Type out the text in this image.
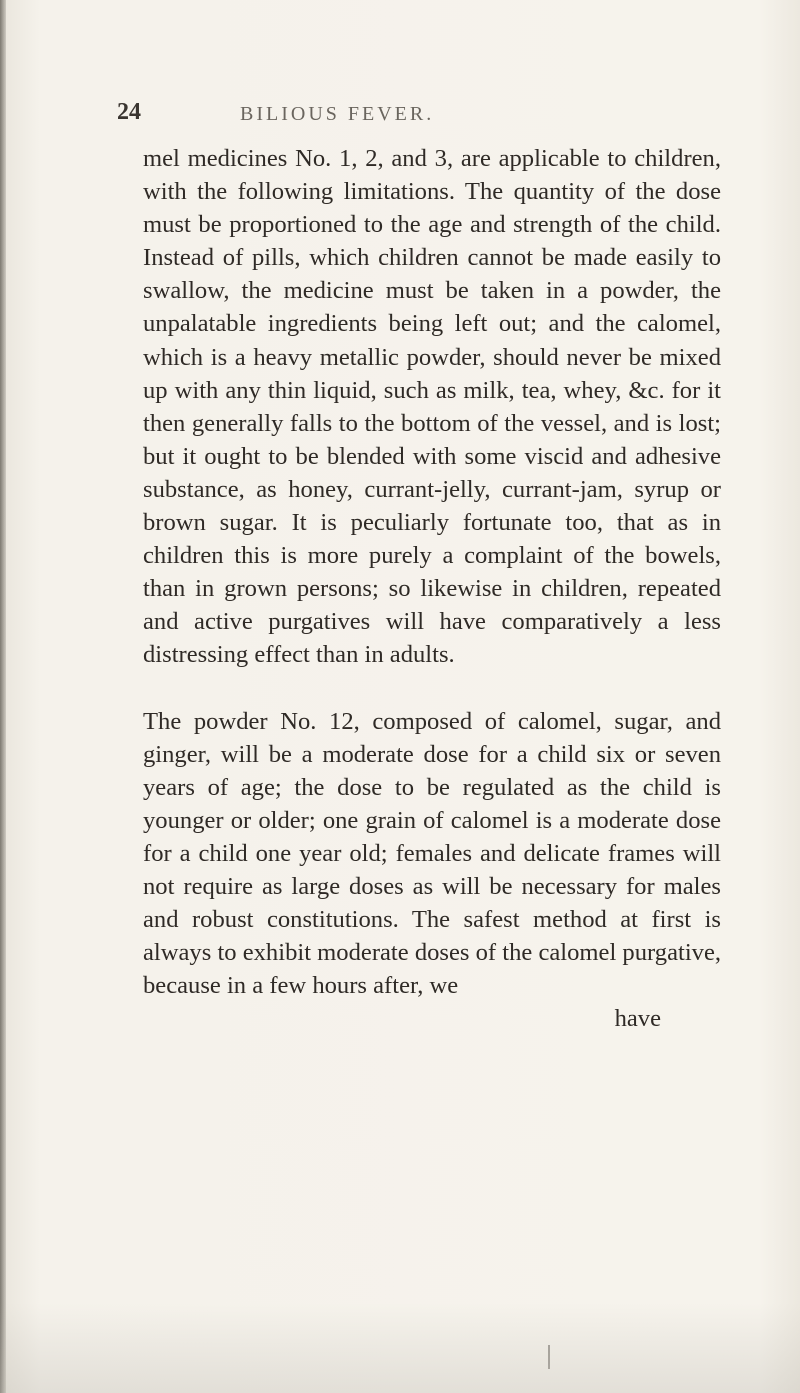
24	BILIOUS FEVER.

mel medicines No. 1, 2, and 3, are applicable to children, with the following limitations. The quantity of the dose must be proportioned to the age and strength of the child. Instead of pills, which children cannot be made easily to swallow, the medicine must be taken in a powder, the unpalatable ingredients being left out; and the calomel, which is a heavy metallic powder, should never be mixed up with any thin liquid, such as milk, tea, whey, &c. for it then generally falls to the bottom of the vessel, and is lost; but it ought to be blended with some viscid and adhesive substance, as honey, currant-jelly, currant-jam, syrup or brown sugar. It is peculiarly fortunate too, that as in children this is more purely a complaint of the bowels, than in grown persons; so likewise in children, repeated and active purgatives will have comparatively a less distressing effect than in adults.

The powder No. 12, composed of calomel, sugar, and ginger, will be a moderate dose for a child six or seven years of age; the dose to be regulated as the child is younger or older; one grain of calomel is a moderate dose for a child one year old; females and delicate frames will not require as large doses as will be necessary for males and robust constitutions. The safest method at first is always to exhibit moderate doses of the calomel purgative, because in a few hours after, we

have
